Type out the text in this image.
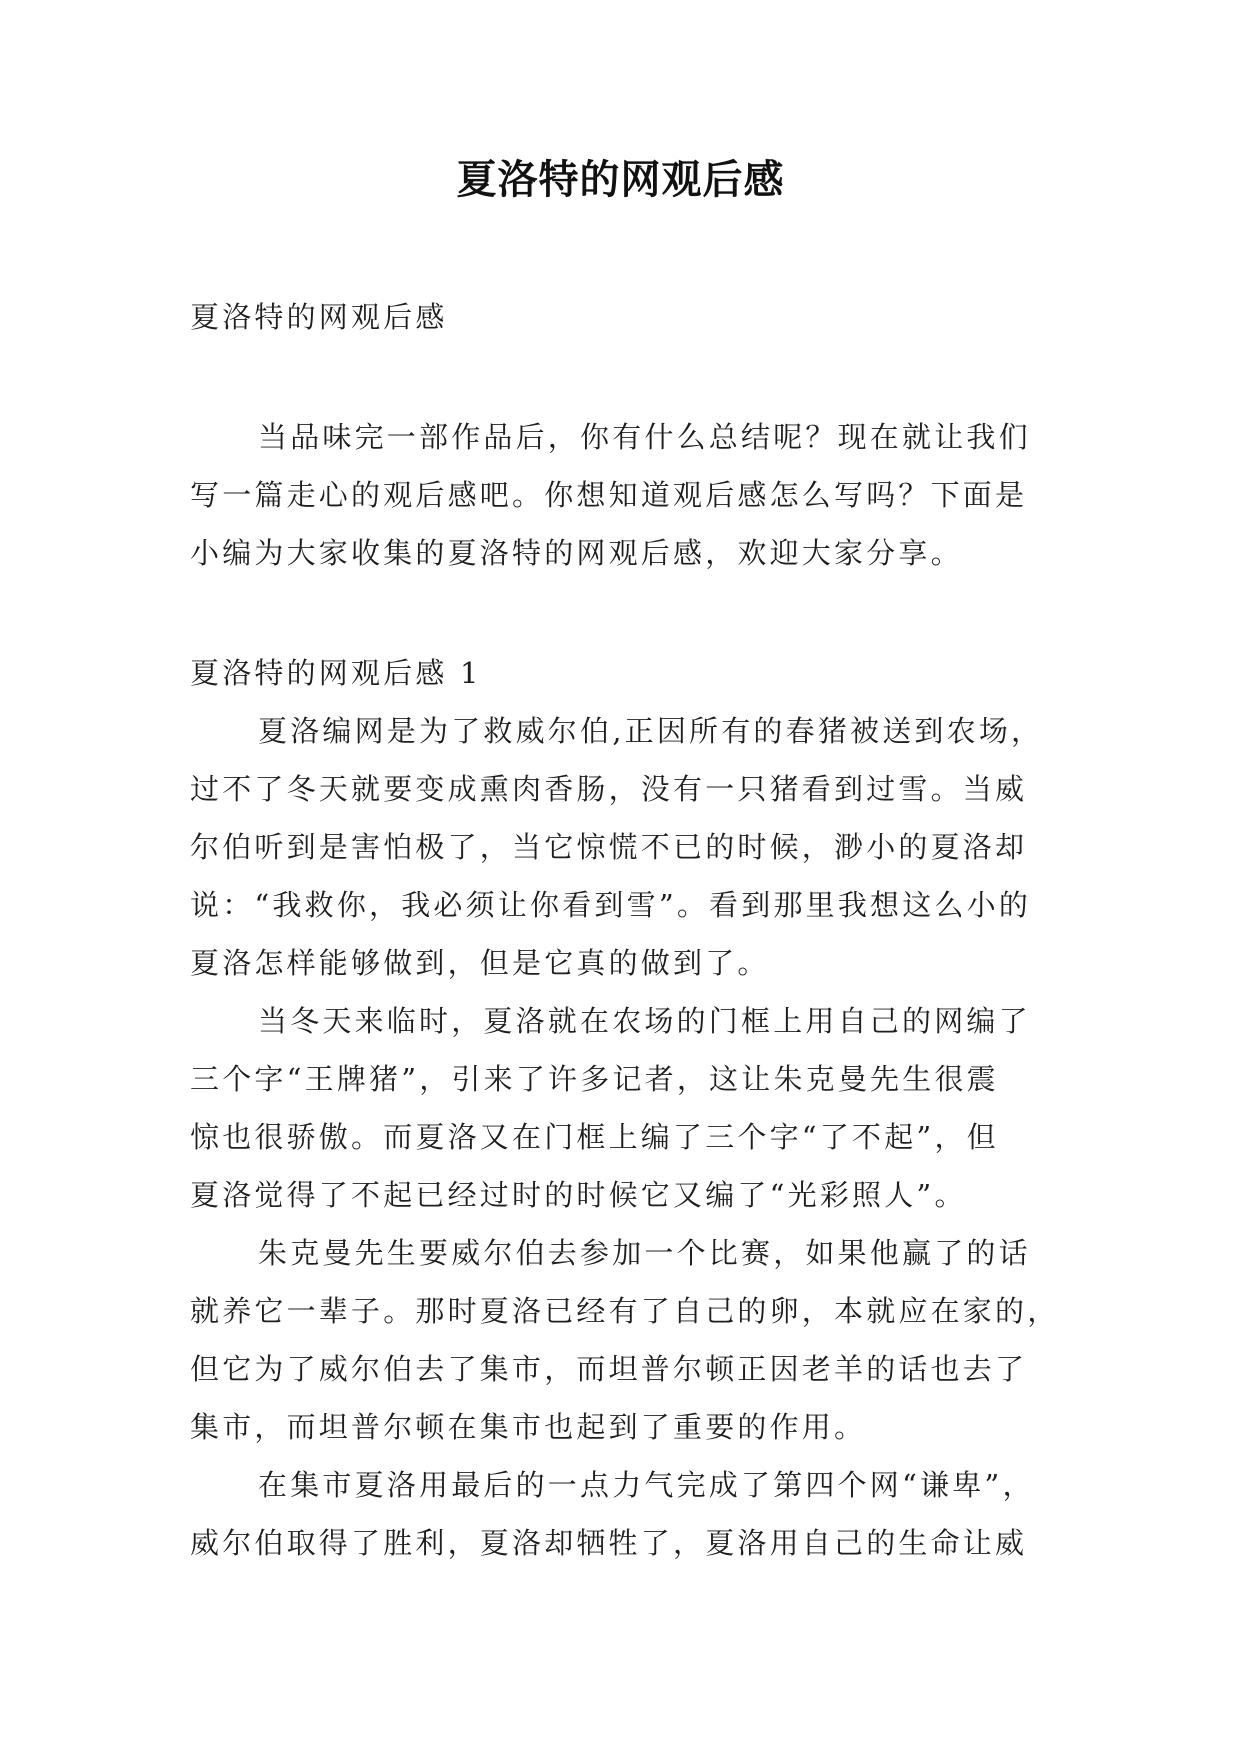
夏洛特的网观后感

夏洛特的网观后感

当品味完一部作品后，你有什么总结呢？现在就让我们

写一篇走心的观后感吧。你想知道观后感怎么写吗？下面是

小编为大家收集的夏洛特的网观后感，欢迎大家分享。

夏洛特的网观后感 1

夏洛编网是为了救威尔伯,正因所有的春猪被送到农场，

过不了冬天就要变成熏肉香肠，没有一只猪看到过雪。当威

尔伯听到是害怕极了，当它惊慌不已的时候，渺小的夏洛却

说：“我救你，我必须让你看到雪”。看到那里我想这么小的

夏洛怎样能够做到，但是它真的做到了。

当冬天来临时，夏洛就在农场的门框上用自己的网编了

三个字“王牌猪”，引来了许多记者，这让朱克曼先生很震

惊也很骄傲。而夏洛又在门框上编了三个字“了不起”，但

夏洛觉得了不起已经过时的时候它又编了“光彩照人”。

朱克曼先生要威尔伯去参加一个比赛，如果他赢了的话

就养它一辈子。那时夏洛已经有了自己的卵，本就应在家的，

但它为了威尔伯去了集市，而坦普尔顿正因老羊的话也去了

集市，而坦普尔顿在集市也起到了重要的作用。

在集市夏洛用最后的一点力气完成了第四个网“谦卑”，

威尔伯取得了胜利，夏洛却牺牲了，夏洛用自己的生命让威
